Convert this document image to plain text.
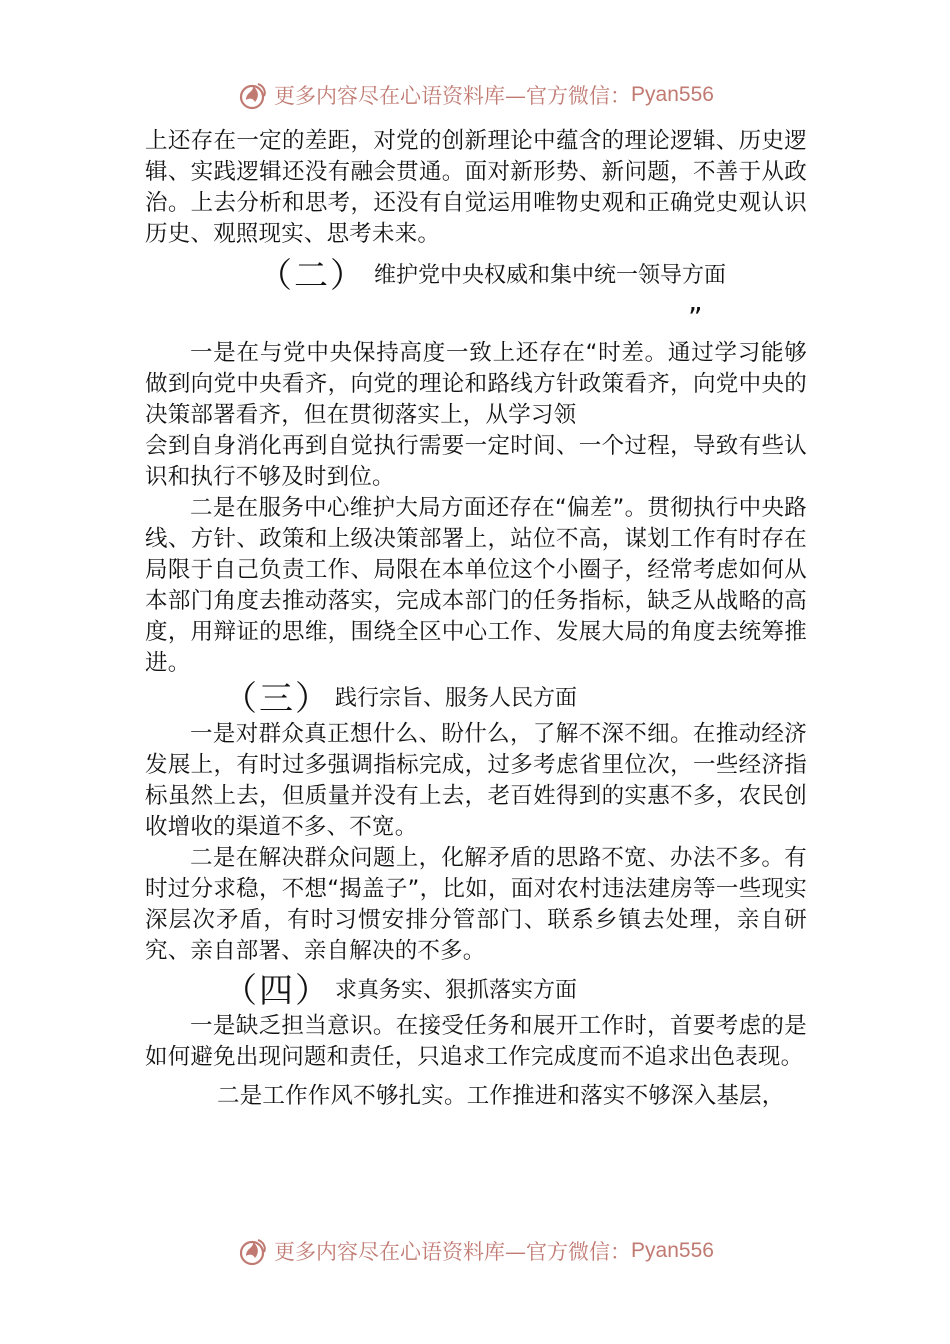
更多内容尽在心语资料库—官方微信： Pyan556

上还存在一定的差距，对党的创新理论中蕴含的理论逻辑、历史逻辑、实践逻辑还没有融会贯通。面对新形势、新问题，不善于从政治。上去分析和思考，还没有自觉运用唯物史观和正确党史观认识历史、观照现实、思考未来。

（二） 维护党中央权威和集中统一领导方面
”

一是在与党中央保持高度一致上还存在“时差。通过学习能够做到向党中央看齐，向党的理论和路线方针政策看齐，向党中央的决策部署看齐，但在贯彻落实上，从学习领

会到自身消化再到自觉执行需要一定时间、一个过程，导致有些认识和执行不够及时到位。

二是在服务中心维护大局方面还存在“偏差”。贯彻执行中央路线、方针、政策和上级决策部署上，站位不高，谋划工作有时存在局限于自己负责工作、局限在本单位这个小圈子，经常考虑如何从本部门角度去推动落实，完成本部门的任务指标，缺乏从战略的高度，用辩证的思维，围绕全区中心工作、发展大局的角度去统筹推进。

（三） 践行宗旨、服务人民方面

一是对群众真正想什么、盼什么，了解不深不细。在推动经济发展上，有时过多强调指标完成，过多考虑省里位次，一些经济指标虽然上去，但质量并没有上去，老百姓得到的实惠不多，农民创收增收的渠道不多、不宽。

二是在解决群众问题上，化解矛盾的思路不宽、办法不多。有时过分求稳，不想“揭盖子”，比如，面对农村违法建房等一些现实深层次矛盾，有时习惯安排分管部门、联系乡镇去处理，亲自研究、亲自部署、亲自解决的不多。

（四） 求真务实、狠抓落实方面

一是缺乏担当意识。在接受任务和展开工作时，首要考虑的是如何避免出现问题和责任，只追求工作完成度而不追求出色表现。

二是工作作风不够扎实。工作推进和落实不够深入基层，

更多内容尽在心语资料库—官方微信： Pyan556
